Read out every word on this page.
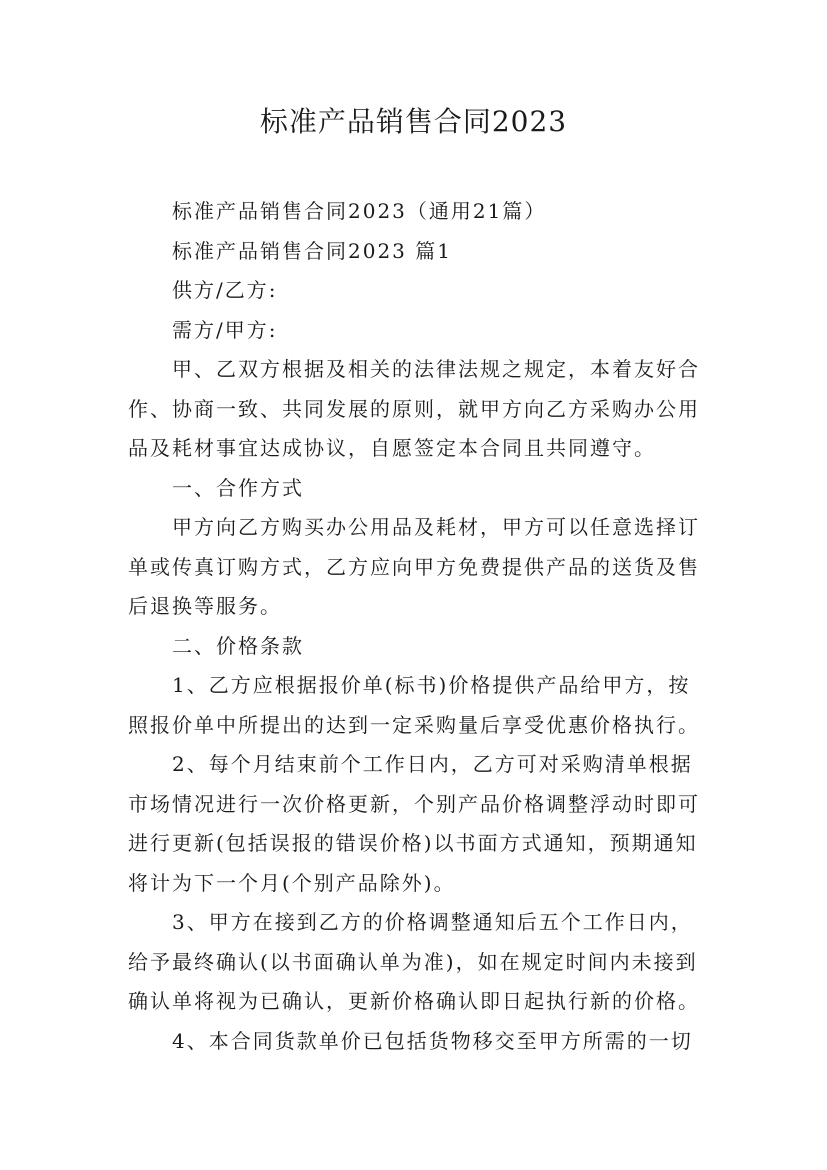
标准产品销售合同2023
标准产品销售合同2023（通用21篇）
标准产品销售合同2023 篇1
供方/乙方:
需方/甲方:
甲、乙双方根据及相关的法律法规之规定，本着友好合
作、协商一致、共同发展的原则，就甲方向乙方采购办公用
品及耗材事宜达成协议，自愿签定本合同且共同遵守。
一、合作方式
甲方向乙方购买办公用品及耗材，甲方可以任意选择订
单或传真订购方式，乙方应向甲方免费提供产品的送货及售
后退换等服务。
二、价格条款
1、乙方应根据报价单(标书)价格提供产品给甲方，按
照报价单中所提出的达到一定采购量后享受优惠价格执行。
2、每个月结束前个工作日内，乙方可对采购清单根据
市场情况进行一次价格更新，个别产品价格调整浮动时即可
进行更新(包括误报的错误价格)以书面方式通知，预期通知
将计为下一个月(个别产品除外)。
3、甲方在接到乙方的价格调整通知后五个工作日内，
给予最终确认(以书面确认单为准)，如在规定时间内未接到
确认单将视为已确认，更新价格确认即日起执行新的价格。
4、本合同货款单价已包括货物移交至甲方所需的一切
